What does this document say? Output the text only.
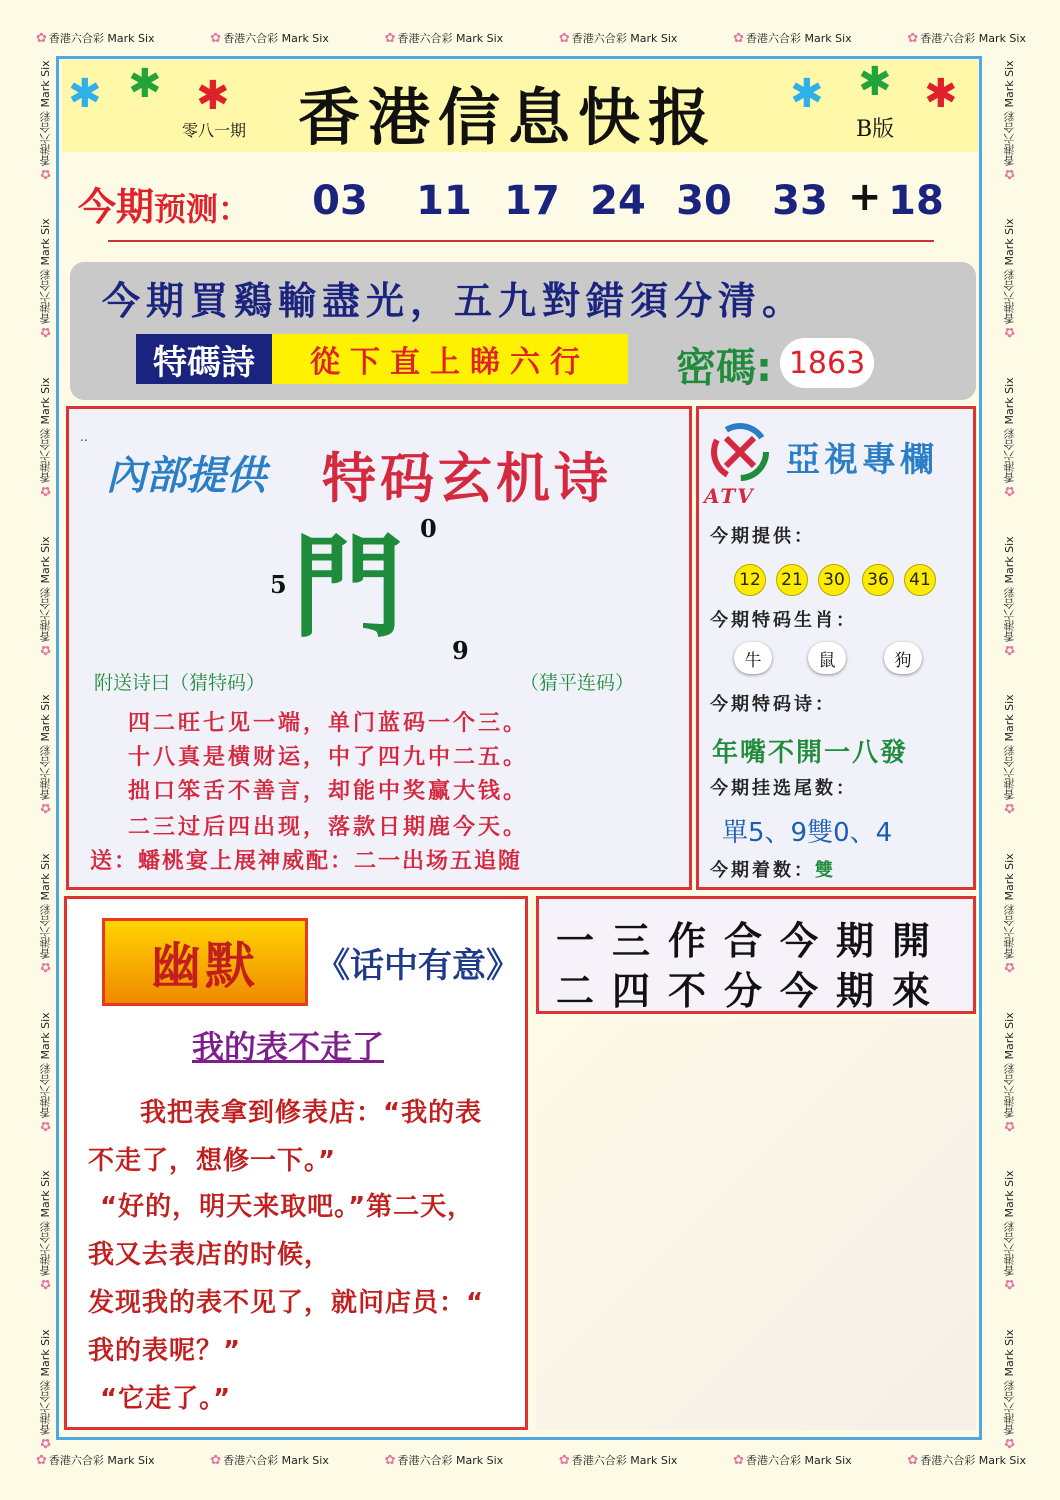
✿ 香港六合彩 Mark Six	✿ 香港六合彩 Mark Six	✿ 香港六合彩 Mark Six	✿ 香港六合彩 Mark Six	✿ 香港六合彩 Mark Six	✿ 香港六合彩 Mark Six
✿ 香港六合彩 Mark Six	✿ 香港六合彩 Mark Six	✿ 香港六合彩 Mark Six	✿ 香港六合彩 Mark Six	✿ 香港六合彩 Mark Six	✿ 香港六合彩 Mark Six
✿香港六合彩 Mark Six
✿香港六合彩 Mark Six
✿香港六合彩 Mark Six
✿香港六合彩 Mark Six
✿香港六合彩 Mark Six
✿香港六合彩 Mark Six
✿香港六合彩 Mark Six
✿香港六合彩 Mark Six
✿香港六合彩 Mark Six
✿香港六合彩 Mark Six
✿香港六合彩 Mark Six
✿香港六合彩 Mark Six
✿香港六合彩 Mark Six
✿香港六合彩 Mark Six
✿香港六合彩 Mark Six
✿香港六合彩 Mark Six
✿香港六合彩 Mark Six
✿香港六合彩 Mark Six
✱ ✱ ✱	✱ ✱ ✱
香港信息快报
零八一期	B版
今期预测：	★ 03	★ 11 ★ 17 ★ 24 ★ 30	★ 33 + ★ 18
今期買鷄輸盡光，五九對錯須分清。
特碼詩	從下直上睇六行	密碼: 1863
..
內部提供 特码玄机诗
門
5
0
9
附送诗曰（猜特码）	（猜平连码）
四二旺七见一端，单门蓝码一个三。
十八真是横财运，中了四九中二五。
拙口笨舌不善言，却能中奖赢大钱。
二三过后四出现，落款日期鹿今天。
送：蟠桃宴上展神威配：二一出场五追随
ATV
亞視專欄
今期提供：
12	21	30	36	41
今期特码生肖：
牛	鼠	狗
今期特码诗：
年嘴不開一八發
今期挂选尾数：
單5、9雙0、4
今期着数：雙
幽默	《话中有意》
我的表不走了
我把表拿到修表店：“我的表
不走了，想修一下。”
“好的，明天来取吧。”第二天，
我又去表店的时候，
发现我的表不见了，就问店员：“
我的表呢？”
“它走了。”
一三作合今期開
二四不分今期來
